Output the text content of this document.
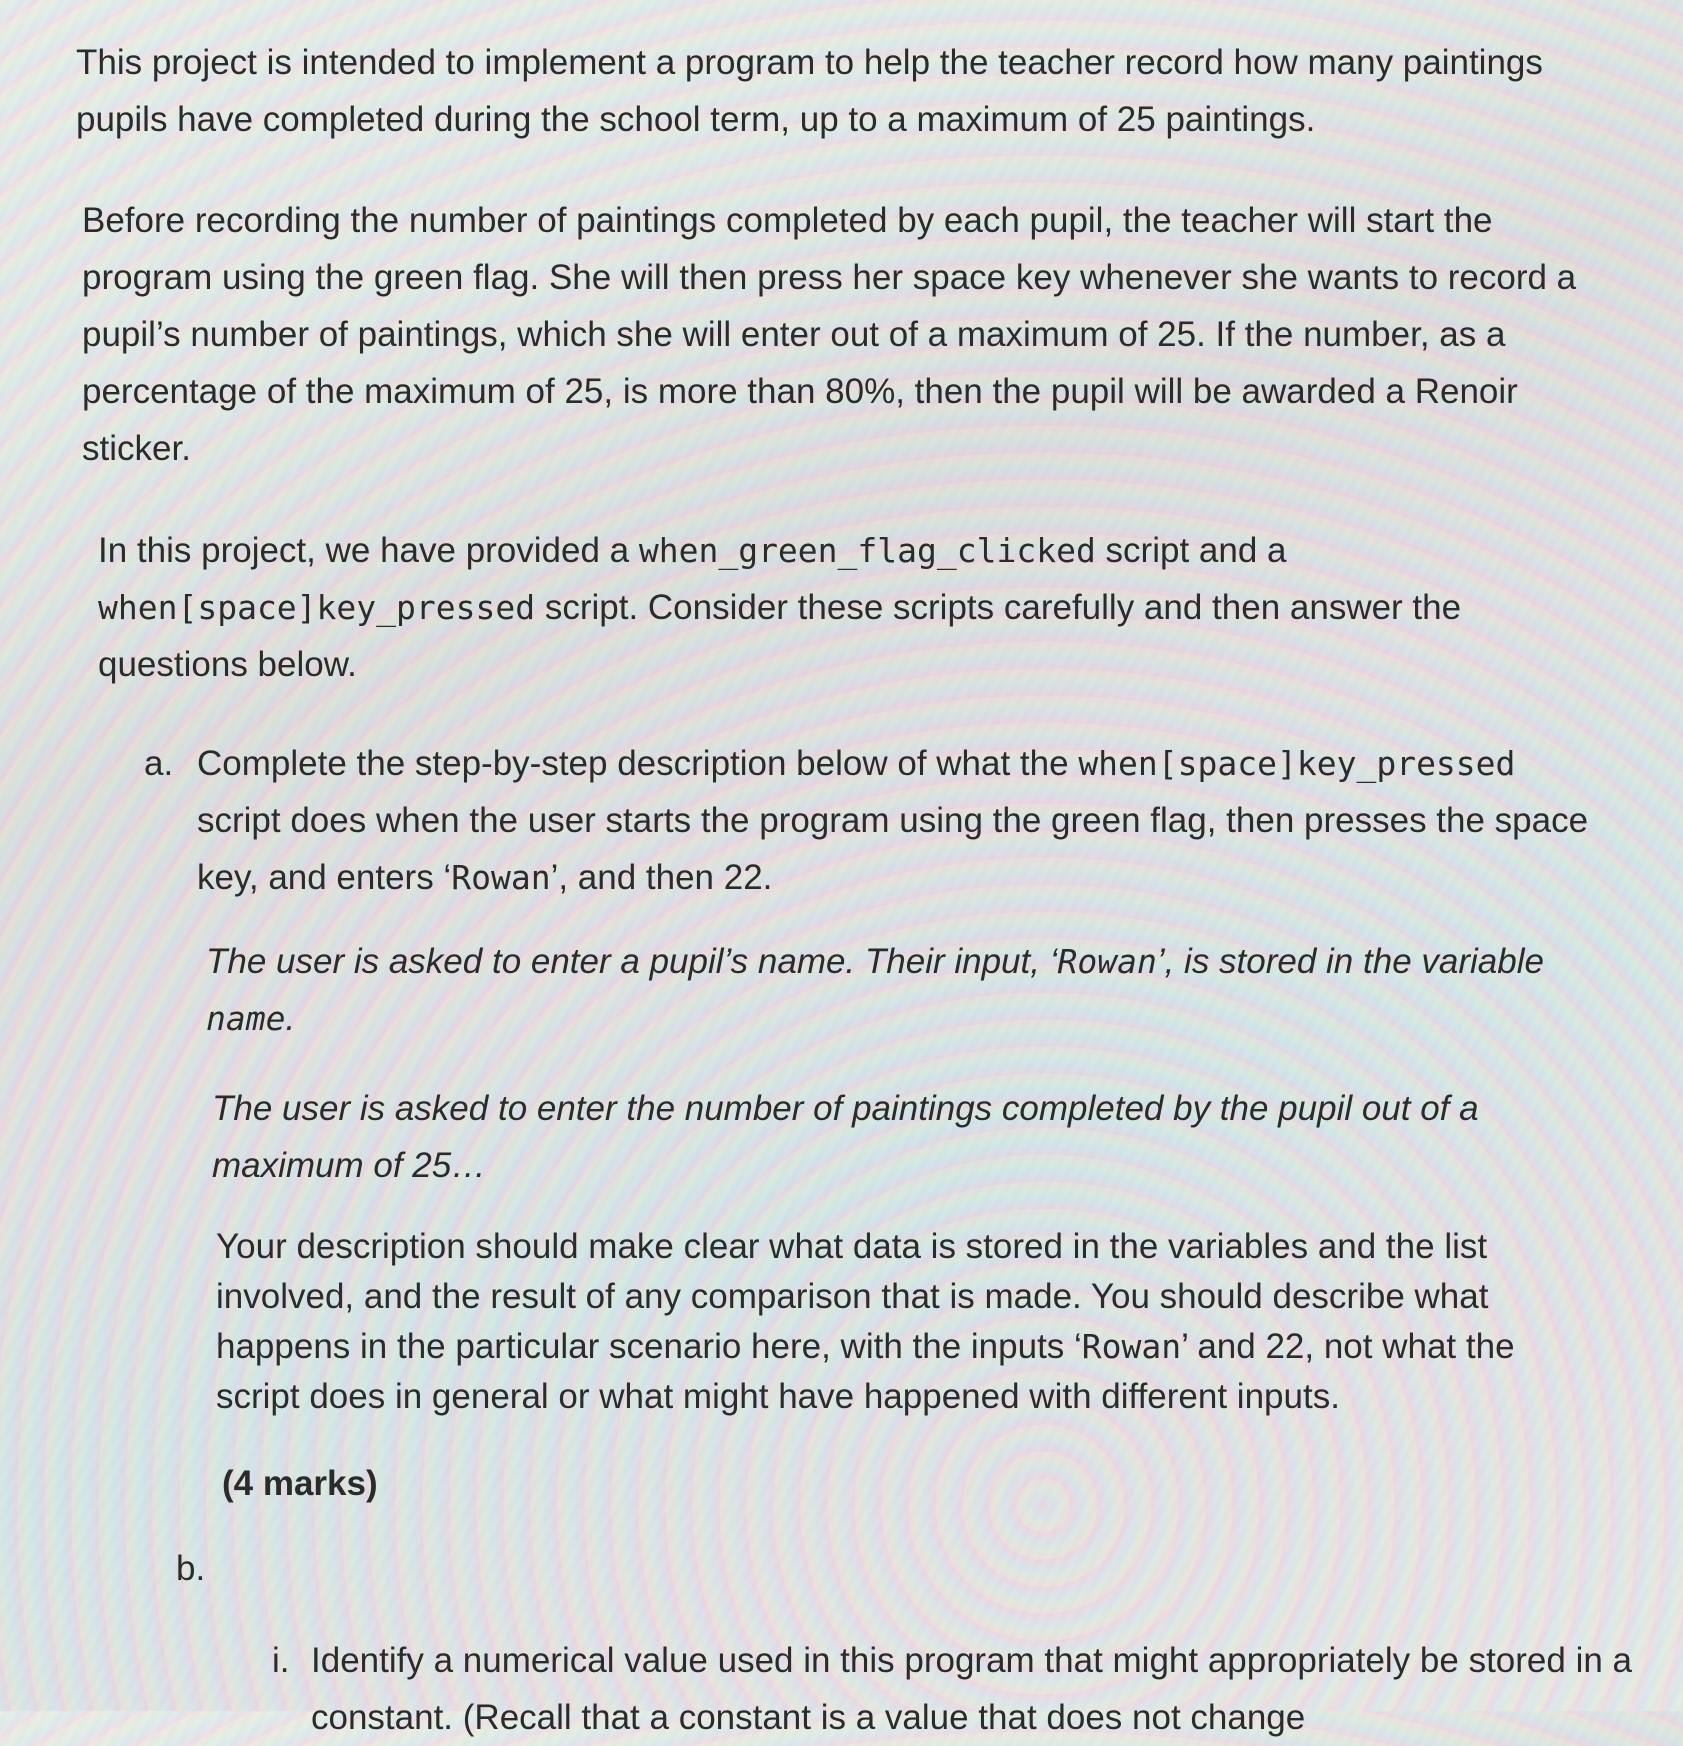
This project is intended to implement a program to help the teacher record how many paintings pupils have completed during the school term, up to a maximum of 25 paintings.

Before recording the number of paintings completed by each pupil, the teacher will start the program using the green flag. She will then press her space key whenever she wants to record a pupil’s number of paintings, which she will enter out of a maximum of 25. If the number, as a percentage of the maximum of 25, is more than 80%, then the pupil will be awarded a Renoir sticker.

In this project, we have provided a when_green_flag_clicked script and a when[space]key_pressed script. Consider these scripts carefully and then answer the questions below.

a. Complete the step-by-step description below of what the when[space]key_pressed script does when the user starts the program using the green flag, then presses the space key, and enters ‘Rowan’, and then 22.

The user is asked to enter a pupil’s name. Their input, ‘Rowan’, is stored in the variable name.

The user is asked to enter the number of paintings completed by the pupil out of a maximum of 25…

Your description should make clear what data is stored in the variables and the list involved, and the result of any comparison that is made. You should describe what happens in the particular scenario here, with the inputs ‘Rowan’ and 22, not what the script does in general or what might have happened with different inputs.

(4 marks)

b.
i. Identify a numerical value used in this program that might appropriately be stored in a constant. (Recall that a constant is a value that does not change
